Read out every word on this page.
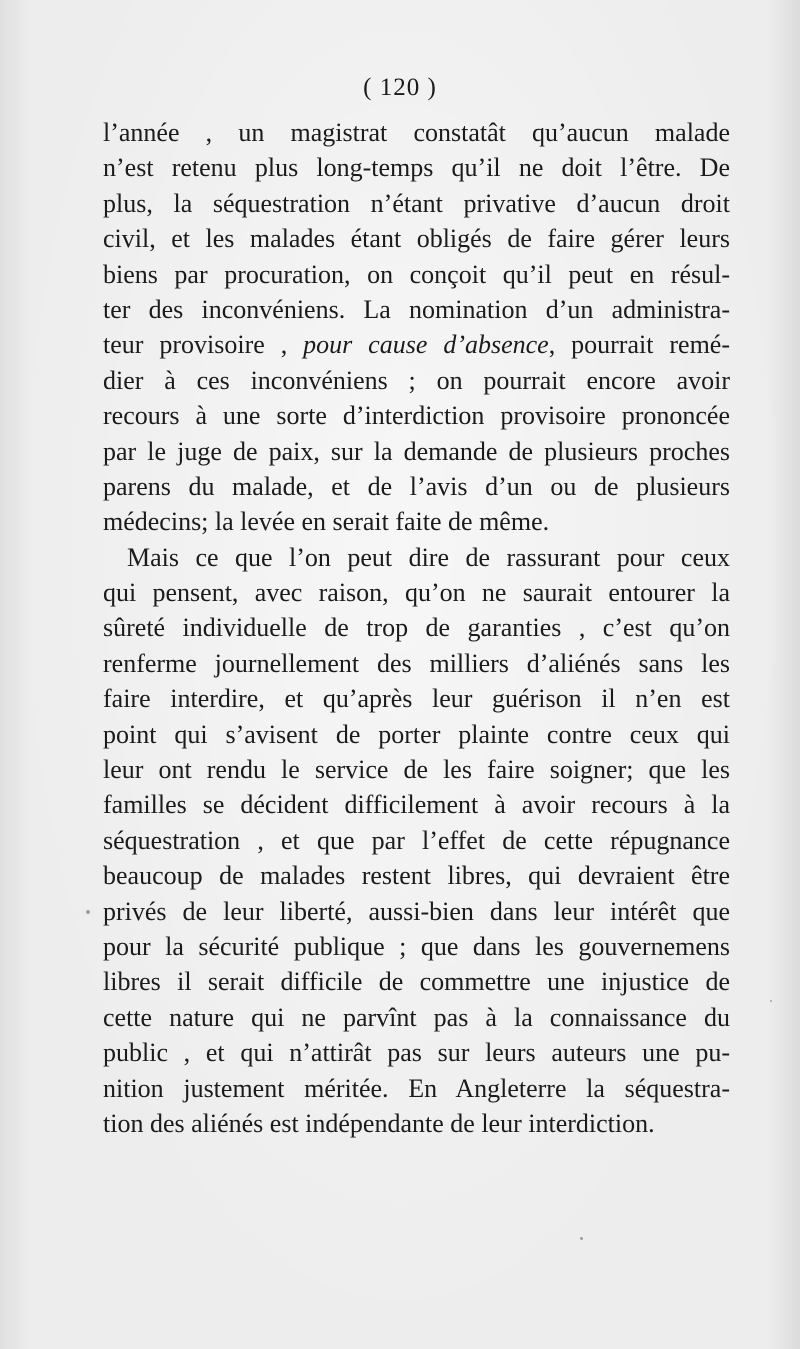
( 120 )

l’année , un magistrat constatât qu’aucun malade
n’est retenu plus long-temps qu’il ne doit l’être. De
plus, la séquestration n’étant privative d’aucun droit
civil, et les malades étant obligés de faire gérer leurs
biens par procuration, on conçoit qu’il peut en résul-
ter des inconvéniens. La nomination d’un administra-
teur provisoire , pour cause d’absence, pourrait remé-
dier à ces inconvéniens ; on pourrait encore avoir
recours à une sorte d’interdiction provisoire prononcée
par le juge de paix, sur la demande de plusieurs proches
parens du malade, et de l’avis d’un ou de plusieurs
médecins; la levée en serait faite de même.
Mais ce que l’on peut dire de rassurant pour ceux
qui pensent, avec raison, qu’on ne saurait entourer la
sûreté individuelle de trop de garanties , c’est qu’on
renferme journellement des milliers d’aliénés sans les
faire interdire, et qu’après leur guérison il n’en est
point qui s’avisent de porter plainte contre ceux qui
leur ont rendu le service de les faire soigner; que les
familles se décident difficilement à avoir recours à la
séquestration , et que par l’effet de cette répugnance
beaucoup de malades restent libres, qui devraient être
privés de leur liberté, aussi-bien dans leur intérêt que
pour la sécurité publique ; que dans les gouvernemens
libres il serait difficile de commettre une injustice de
cette nature qui ne parvînt pas à la connaissance du
public , et qui n’attirât pas sur leurs auteurs une pu-
nition justement méritée. En Angleterre la séquestra-
tion des aliénés est indépendante de leur interdiction.
